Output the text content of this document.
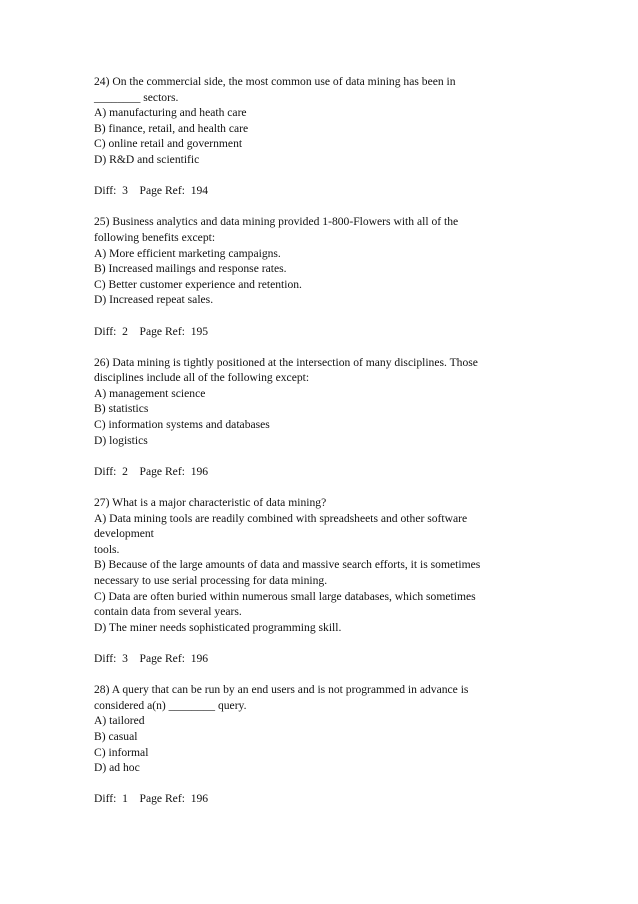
24) On the commercial side, the most common use of data mining has been in
________ sectors.
A) manufacturing and heath care
B) finance, retail, and health care
C) online retail and government
D) R&D and scientific
Diff:  3    Page Ref:  194
25) Business analytics and data mining provided 1-800-Flowers with all of the
following benefits except:
A) More efficient marketing campaigns.
B) Increased mailings and response rates.
C) Better customer experience and retention.
D) Increased repeat sales.
Diff:  2    Page Ref:  195
26) Data mining is tightly positioned at the intersection of many disciplines. Those
disciplines include all of the following except:
A) management science
B) statistics
C) information systems and databases
D) logistics
Diff:  2    Page Ref:  196
27) What is a major characteristic of data mining?
A) Data mining tools are readily combined with spreadsheets and other software
development
tools.
B) Because of the large amounts of data and massive search efforts, it is sometimes
necessary to use serial processing for data mining.
C) Data are often buried within numerous small large databases, which sometimes
contain data from several years.
D) The miner needs sophisticated programming skill.
Diff:  3    Page Ref:  196
28) A query that can be run by an end users and is not programmed in advance is
considered a(n) ________ query.
A) tailored
B) casual
C) informal
D) ad hoc
Diff:  1    Page Ref:  196
